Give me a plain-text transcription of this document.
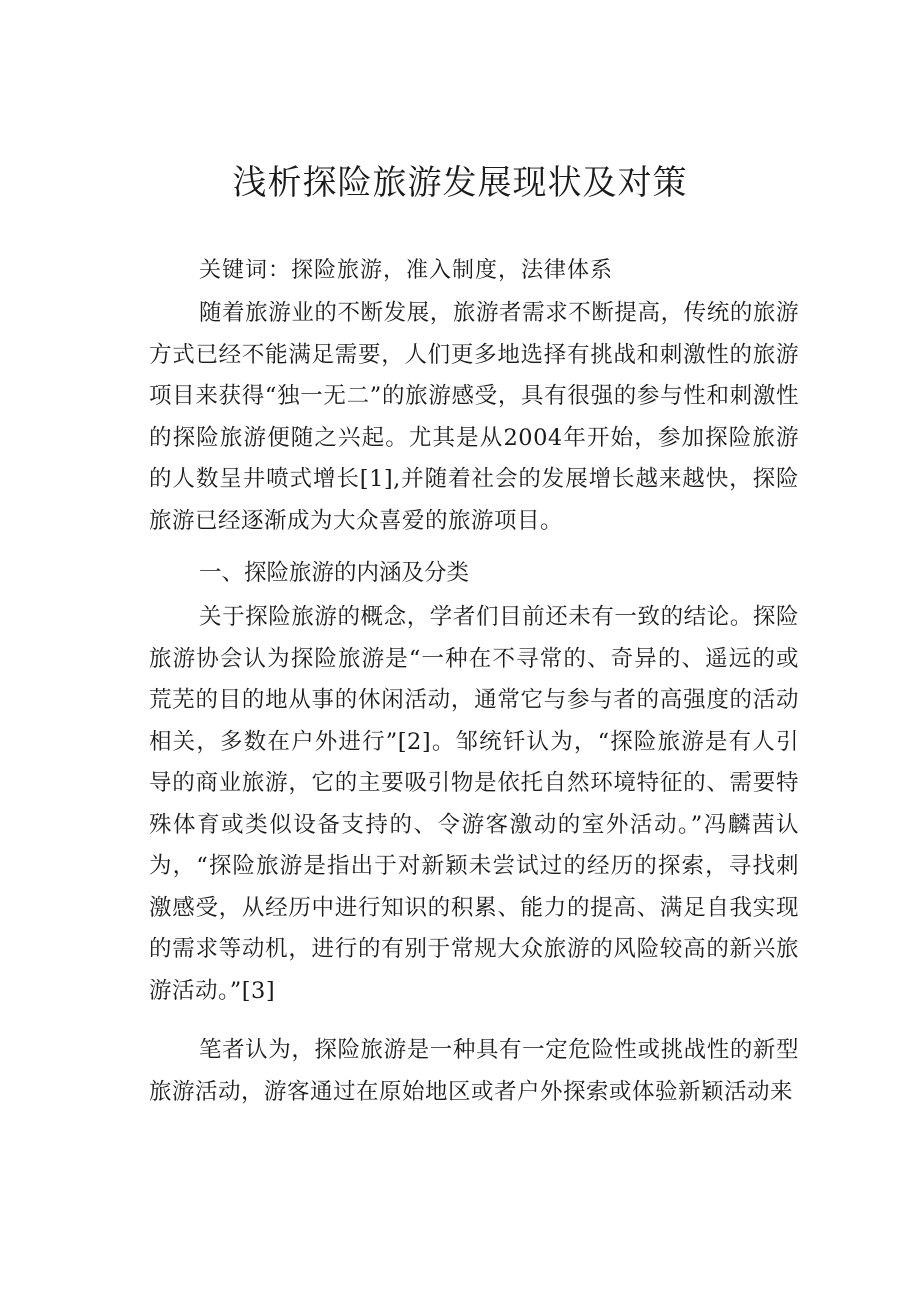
浅析探险旅游发展现状及对策

关键词：探险旅游，准入制度，法律体系

随着旅游业的不断发展，旅游者需求不断提高，传统的旅游方式已经不能满足需要，人们更多地选择有挑战和刺激性的旅游项目来获得“独一无二”的旅游感受，具有很强的参与性和刺激性的探险旅游便随之兴起。尤其是从2004年开始，参加探险旅游的人数呈井喷式增长[1],并随着社会的发展增长越来越快，探险旅游已经逐渐成为大众喜爱的旅游项目。

一、探险旅游的内涵及分类

关于探险旅游的概念，学者们目前还未有一致的结论。探险旅游协会认为探险旅游是“一种在不寻常的、奇异的、遥远的或荒芜的目的地从事的休闲活动，通常它与参与者的高强度的活动相关，多数在户外进行”[2]。邹统钎认为，“探险旅游是有人引导的商业旅游，它的主要吸引物是依托自然环境特征的、需要特殊体育或类似设备支持的、令游客激动的室外活动。”冯麟茜认为，“探险旅游是指出于对新颖未尝试过的经历的探索，寻找刺激感受，从经历中进行知识的积累、能力的提高、满足自我实现的需求等动机，进行的有别于常规大众旅游的风险较高的新兴旅游活动。”[3]

笔者认为，探险旅游是一种具有一定危险性或挑战性的新型旅游活动，游客通过在原始地区或者户外探索或体验新颖活动来
